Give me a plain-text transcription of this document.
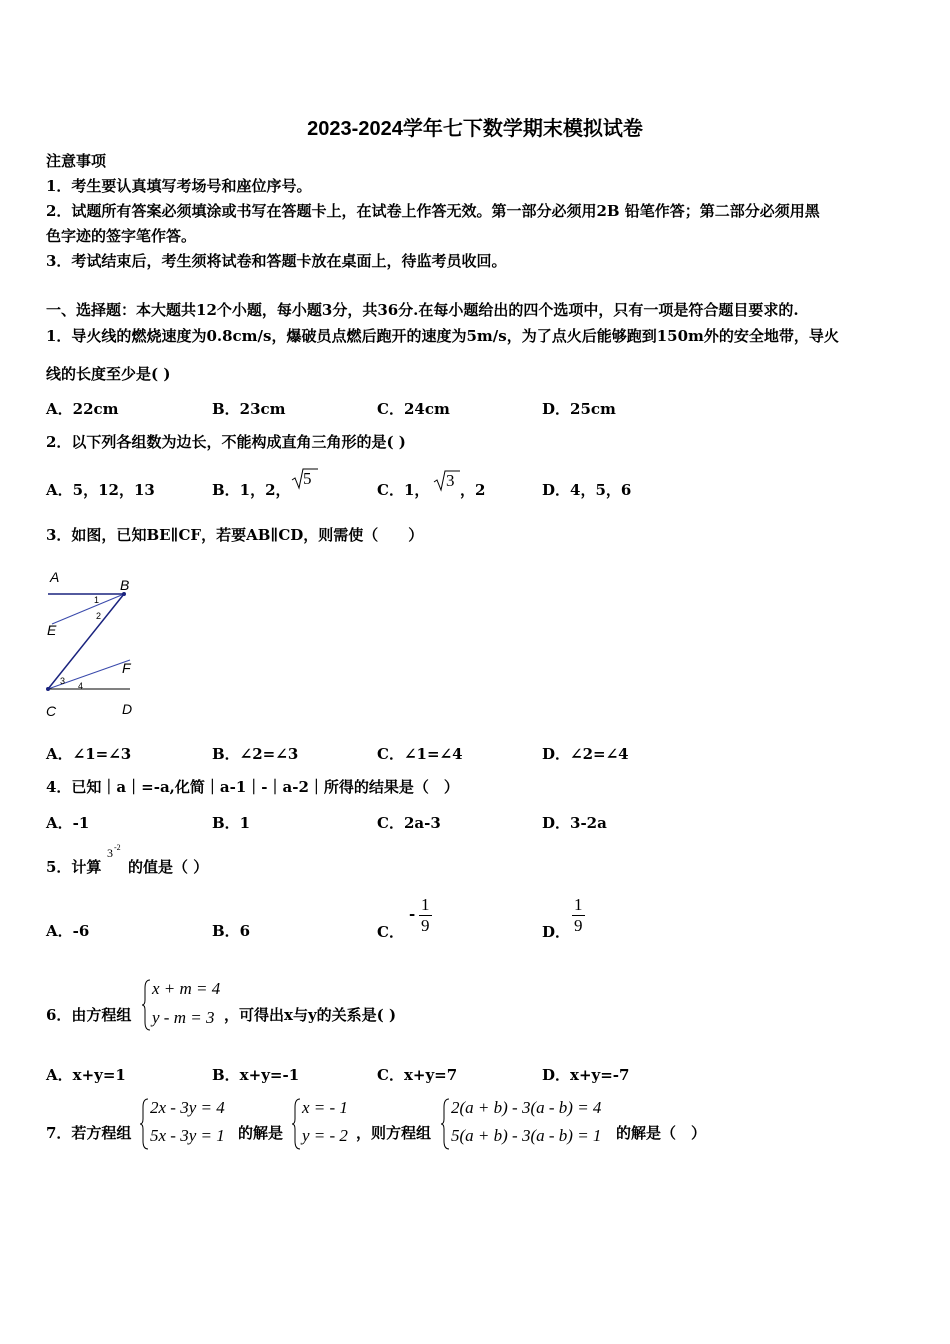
2023-2024学年七下数学期末模拟试卷
注意事项
1．考生要认真填写考场号和座位序号。
2．试题所有答案必须填涂或书写在答题卡上，在试卷上作答无效。第一部分必须用2B 铅笔作答；第二部分必须用黑
色字迹的签字笔作答。
3．考试结束后，考生须将试卷和答题卡放在桌面上，待监考员收回。
一、选择题：本大题共12个小题，每小题3分，共36分.在每小题给出的四个选项中，只有一项是符合题目要求的.
1．导火线的燃烧速度为0.8cm/s，爆破员点燃后跑开的速度为5m/s，为了点火后能够跑到150m外的安全地带，导火
线的长度至少是( )
A．22cm	B．23cm	C．24cm	D．25cm
2．以下列各组数为边长，不能构成直角三角形的是( )
A．5，12，13	B．1，2，
5
C．1， 3 ，2	D．4，5，6
3．如图，已知BE∥CF，若要AB∥CD，则需使（　　）
A	B
E
F
C	D
1
2
3 4
A．∠1=∠3	B．∠2=∠3	C．∠1=∠4	D．∠2=∠4
4．已知｜a｜=-a,化简｜a-1｜-｜a-2｜所得的结果是（　）
A．-1	B．1	C．2a-3	D．3-2a
5．计算
3 -2
的值是（ ）
A．-6	B．6	C．
- $\frac{1}{9}$	D． $\frac{1}{9}$
6．由方程组
x + m = 4
y - m = 3 ，可得出x与y的关系是( )
A．x+y=1	B．x+y=-1	C．x+y=7	D．x+y=-7
7．若方程组
2x - 3y = 4
5x - 3y = 1 的解是
x = - 1
y = - 2 ，则方程组
2(a + b) - 3(a - b) = 4
5(a + b) - 3(a - b) = 1 的解是（　）
